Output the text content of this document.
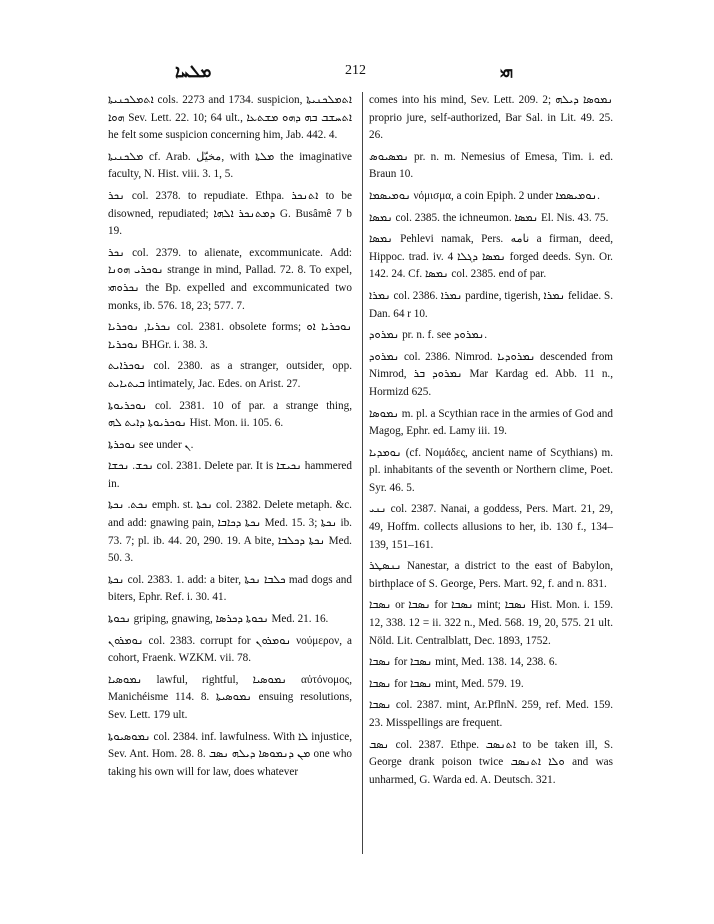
ܡܠܚܐ	212	ܗܝ

ܐܬܡܠܟܢܝܬܐ cols. 2273 and 1734. suspicion, ܐܬܡܠܟܢܝܬܐ ܗܘܐ Sev. Lett. 22. 10; 64 ult., ܐܬܚܫܒ ܒܗ ܕܗܘ ܡܫܬܥܐ he felt some suspicion concerning him, Jab. 442. 4.

ܡܠܟܢܝܬܐ cf. Arab. ‎مخيّل‎, with ܡܠܬܐ the imaginative faculty, N. Hist. viii. 3. 1, 5.

ܢܟܪ col. 2378. to repudiate. Ethpa. ܐܬܢܟܪ to be disowned, repudiated; ܕܡܬܢܟܪ ܐܠܗܐ G. Busâmê 7 b 19.

ܢܟܪ col. 2379. to alienate, excommunicate. Add: ܢܘܟܪܝ ܗܘܢܐ strange in mind, Pallad. 72. 8. To expel, ܢܟܪܘܗܝ the Bp. expelled and excommunicated two monks, ib. 576. 18, 23; 577. 7.

ܢܟܪܝܐ, ܢܘܟܪܝܐ col. 2381. obsolete forms; ܢܘܟܪܝܐ ܐܘ ܢܘܟܪܝܐ BHGr. i. 38. 3.

ܢܘܟܪܐܝܬ col. 2380. as a stranger, outsider, opp. ܒܝܬܝܐܝܬ intimately, Jac. Edes. on Arist. 27.

ܢܘܟܪܝܘܬܐ col. 2381. 10 of par. a strange thing, ܢܘܟܪܝܘܬܐ ܕܐܝܬ ܠܗ Hist. Mon. ii. 105. 6.

ܢܘܟܪܬܐ see under ܢ.

ܢܟܫ. ܢܟܫܐ col. 2381. Delete par. It is ܢܟܝܫܐ hammered in.

ܢܟܬ. ܢܟܬܐ emph. st. ܢܟܬܐ col. 2382. Delete metaph. &c. and add: gnawing pain, ܢܟܬܐ ܕܟܐܒܐ Med. 15. 3; ܢܟܬܐ ib. 73. 7; pl. ib. 44. 20, 290. 19. A bite, ܢܟܬܐ ܕܟܠܒܐ Med. 50. 3.

ܢܟܬܐ col. 2383. 1. add: a biter, ܟܠܒܐ ܢܟܬܐ mad dogs and biters, Ephr. Ref. i. 30. 41.

ܢܟܘܬܐ griping, gnawing, ܢܟܘܬܐ ܕܟܪܣܐ Med. 21. 16.

ܢܘܡܪܘܢ col. 2383. corrupt for ܢܘܡܪܘܢ νούμερον, a cohort, Fraenk. WZKM. vii. 78.

ܢܡܘܣܝܐ lawful, rightful, ܢܡܘܣܝܐ αὐτόνομος, Manichéisme 114. 8. ܢܡܘܣܝܬܐ ensuing resolutions, Sev. Lett. 179 ult.

ܢܡܘܣܝܘܬܐ col. 2384. inf. lawfulness. With ܠܐ injustice, Sev. Ant. Hom. 28. 8. ܡܢ ܕܢܡܘܣܐ ܕܝܠܗ ܢܣܒ one who taking his own will for law, does whatever

comes into his mind, Sev. Lett. 209. 2; ܢܡܘܣܐ ܕܝܠܗ proprio jure, self-authorized, Bar Sal. in Lit. 49. 25. 26.

ܢܡܣܝܘܣ pr. n. m. Nemesius of Emesa, Tim. i. ed. Braun 10.

ܢܘܡܝܣܡܐ νόμισμα, a coin Epiph. 2 under ܢܘܡܝܣܡܐ.

ܢܡܣܐ col. 2385. the ichneumon. ܢܡܣܐ El. Nis. 43. 75.

ܢܡܣܐ Pehlevi namak, Pers. ‎نامه‎ a firman, deed, Hippoc. trad. iv. 4 ܢܡܣܐ ܕܓܠܐ forged deeds. Syn. Or. 142. 24. Cf. ܢܡܣܐ col. 2385. end of par.

ܢܡܪܐ col. 2386. ܢܡܪܐ pardine, tigerish, ܢܡܪܐ felidae. S. Dan. 64 r 10.

ܢܡܪܘܕ pr. n. f. see ܢܡܪܘܕ.

ܢܡܪܘܕ col. 2386. Nimrod. ܢܡܪܘܕܝܐ descended from Nimrod, ܢܡܪܘܕ ܒܪ Mar Kardag ed. Abb. 11 n., Hormizd 625.

ܢܡܘܣܐ m. pl. a Scythian race in the armies of God and Magog, Ephr. ed. Lamy iii. 19.

ܢܘܡܕܝܐ (cf. Νομάδες, ancient name of Scythians) m. pl. inhabitants of the seventh or Northern clime, Poet. Syr. 46. 5.

ܢܢܝ col. 2387. Nanai, a goddess, Pers. Mart. 21, 29, 49, Hoffm. collects allusions to her, ib. 130 f., 134–139, 151–161.

ܢܢܣܛܪ Nanestar, a district to the east of Babylon, birthplace of S. George, Pers. Mart. 92, f. and n. 831.

ܢܣܒܐ or ܢܣܒܐ for ܢܣܒܐ mint; ܢܣܒܐ Hist. Mon. i. 159. 12, 338. 12 = ii. 322 n., Med. 568. 19, 20, 575. 21 ult. Nöld. Lit. Centralblatt, Dec. 1893, 1752.

ܢܣܒܐ for ܢܣܒܐ mint, Med. 138. 14, 238. 6.

ܢܣܒܐ for ܢܣܒܐ mint, Med. 579. 19.

ܢܣܒܐ col. 2387. mint, Ar.PflnN. 259, ref. Med. 159. 23. Misspellings are frequent.

ܢܣܒ col. 2387. Ethpe. ܐܬܢܣܒ to be taken ill, S. George drank poison twice ܘܠܐ ܐܬܢܣܒ and was unharmed, G. Warda ed. A. Deutsch. 321.
